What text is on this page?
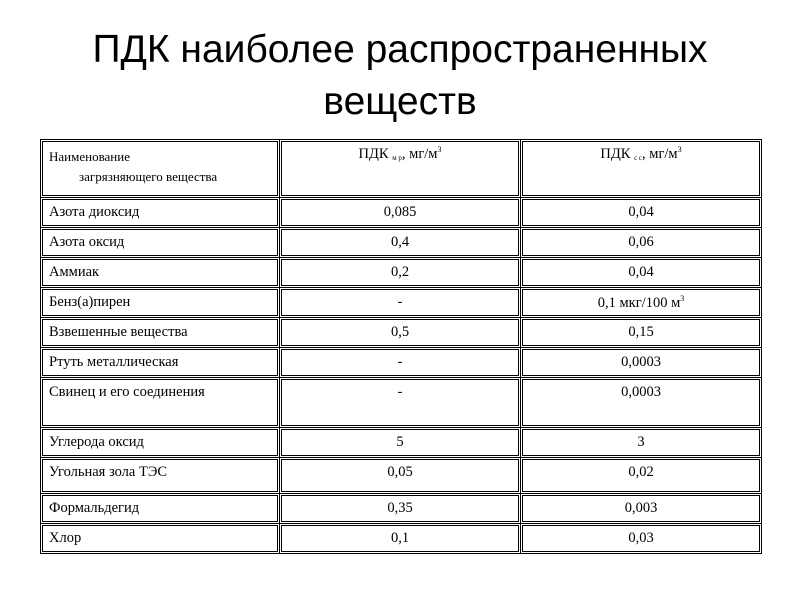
ПДК наиболее распространенных
веществ
Наименование
загрязняющего вещества	ПДК $_{м р}$, $мг/м^3$	ПДК $_{с с}$, $мг/м^3$

Азота диоксид	0,085	0,04

Азота оксид	0,4	0,06

Аммиак	0,2	0,04

Бенз(а)пирен	-	0,1 мкг/100 $м^3$

Взвешенные вещества	0,5	0,15

Ртуть металлическая	-	0,0003

Свинец и его соединения	-	0,0003

Углерода оксид	5	3

Угольная зола ТЭС	0,05	0,02

Формальдегид	0,35	0,003

Хлор	0,1	0,03
